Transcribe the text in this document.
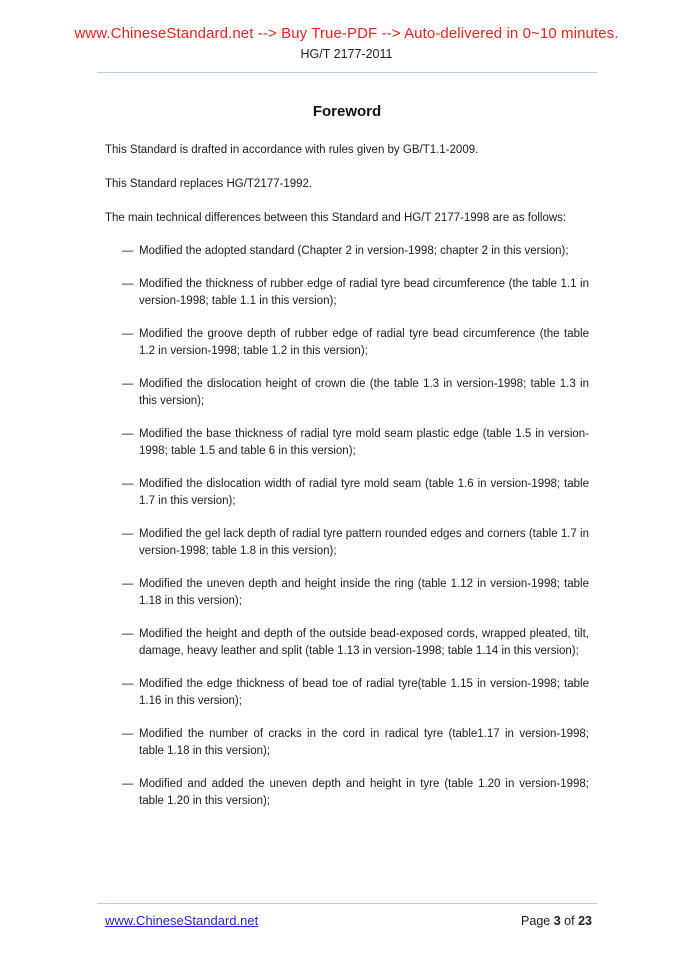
www.ChineseStandard.net --> Buy True-PDF --> Auto-delivered in 0~10 minutes.
HG/T 2177-2011
Foreword

This Standard is drafted in accordance with rules given by GB/T1.1-2009.

This Standard replaces HG/T2177-1992.

The main technical differences between this Standard and HG/T 2177-1998 are as follows:

— Modified the adopted standard (Chapter 2 in version-1998; chapter 2 in this version);
— Modified the thickness of rubber edge of radial tyre bead circumference (the table 1.1 in version-1998; table 1.1 in this version);
— Modified the groove depth of rubber edge of radial tyre bead circumference (the table 1.2 in version-1998; table 1.2 in this version);
— Modified the dislocation height of crown die (the table 1.3 in version-1998; table 1.3 in this version);
— Modified the base thickness of radial tyre mold seam plastic edge (table 1.5 in version-1998; table 1.5 and table 6 in this version);
— Modified the dislocation width of radial tyre mold seam (table 1.6 in version-1998; table 1.7 in this version);
— Modified the gel lack depth of radial tyre pattern rounded edges and corners (table 1.7 in version-1998; table 1.8 in this version);
— Modified the uneven depth and height inside the ring (table 1.12 in version-1998; table 1.18 in this version);
— Modified the height and depth of the outside bead-exposed cords, wrapped pleated, tilt, damage, heavy leather and split (table 1.13 in version-1998; table 1.14 in this version);
— Modified the edge thickness of bead toe of radial tyre(table 1.15 in version-1998; table 1.16 in this version);
— Modified the number of cracks in the cord in radical tyre (table1.17 in version-1998; table 1.18 in this version);
— Modified and added the uneven depth and height in tyre (table 1.20 in version-1998; table 1.20 in this version);
www.ChineseStandard.net	Page 3 of 23
